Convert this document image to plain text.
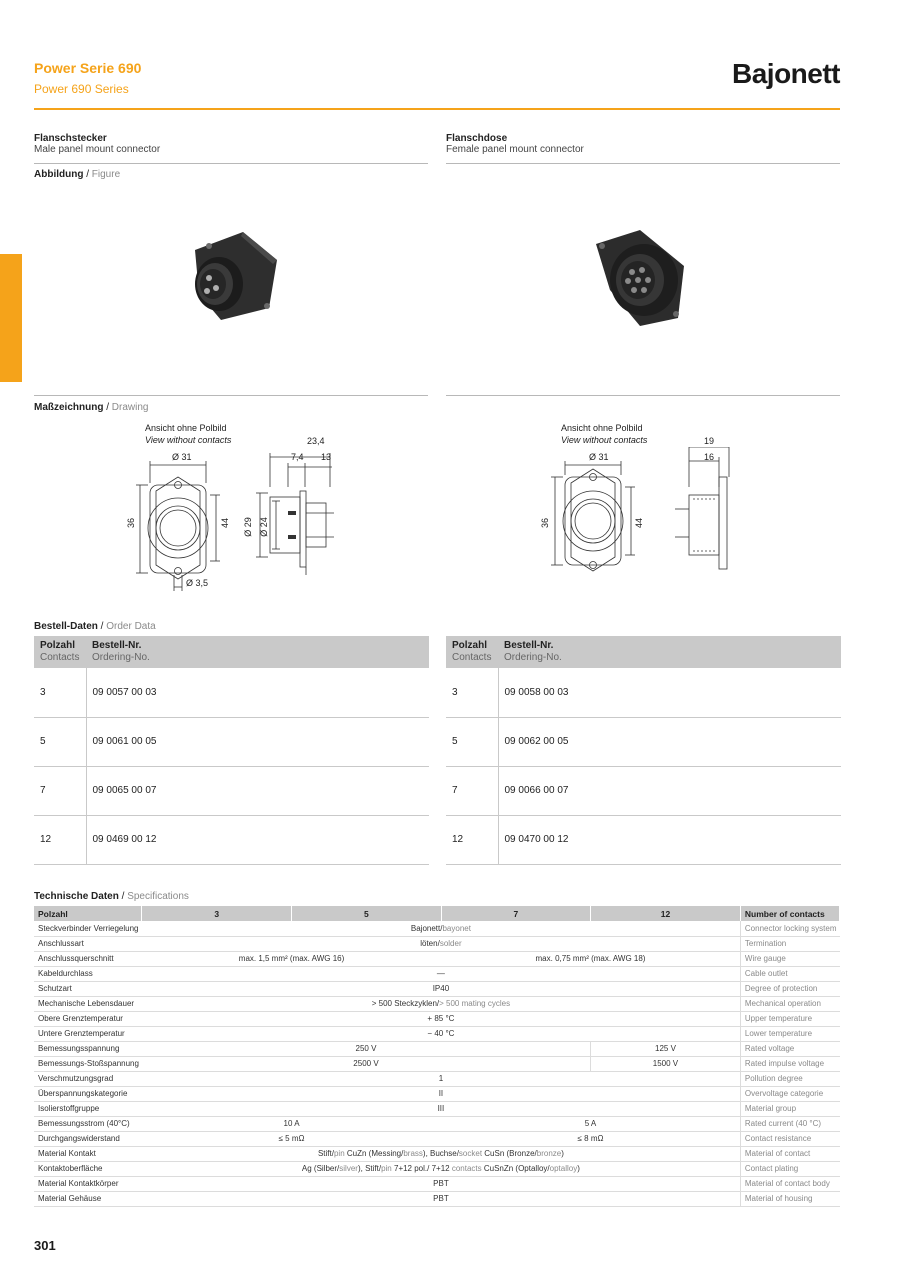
Power Serie 690
Power 690 Series	Bajonett
Flanschstecker
Male panel mount connector
Flanschdose
Female panel mount connector
Abbildung / Figure
Maßzeichnung / Drawing
Ansicht ohne Polbild
View without contacts
Ø 31
23,4
7,4 13
36	44 Ø 29 Ø 24
Ø 3,5
Ansicht ohne Polbild
View without contacts
Ø 31
19
16
36	44
Bestell-Daten / Order Data
Polzahl
Contacts	Bestell-Nr.
Ordering-No.

3	09 0057 00 03
5	09 0061 00 05
7	09 0065 00 07
12	09 0469 00 12
Polzahl
Contacts	Bestell-Nr.
Ordering-No.

3	09 0058 00 03
5	09 0062 00 05
7	09 0066 00 07
12	09 0470 00 12
Technische Daten / Specifications
Polzahl	3	5	7	12	Number of contacts
Steckverbinder Verriegelung	Bajonett/bayonet				Connector locking system
Anschlussart	löten/solder				Termination
Anschlussquerschnitt	max. 1,5 mm² (max. AWG 16)		max. 0,75 mm² (max. AWG 18)		Wire gauge
Kabeldurchlass	—				Cable outlet
Schutzart	IP40				Degree of protection
Mechanische Lebensdauer	> 500 Steckzyklen/> 500 mating cycles				Mechanical operation
Obere Grenztemperatur	+ 85 °C				Upper temperature
Untere Grenztemperatur	− 40 °C				Lower temperature
Bemessungsspannung	250 V			125 V	Rated voltage
Bemessungs-Stoßspannung	2500 V			1500 V	Rated impulse voltage
Verschmutzungsgrad	1				Pollution degree
Überspannungskategorie	II				Overvoltage categorie
Isolierstoffgruppe	III				Material group
Bemessungsstrom (40°C)	10 A		5 A		Rated current (40 °C)
Durchgangswiderstand	≤ 5 mΩ		≤ 8 mΩ		Contact resistance
Material Kontakt	Stift/pin CuZn (Messing/brass), Buchse/socket CuSn (Bronze/bronze)				Material of contact
Kontaktoberfläche	Ag (Silber/silver), Stift/pin 7+12 pol./ 7+12 contacts CuSnZn (Optalloy/optalloy)				Contact plating
Material Kontaktkörper	PBT				Material of contact body
Material Gehäuse	PBT				Material of housing
301
